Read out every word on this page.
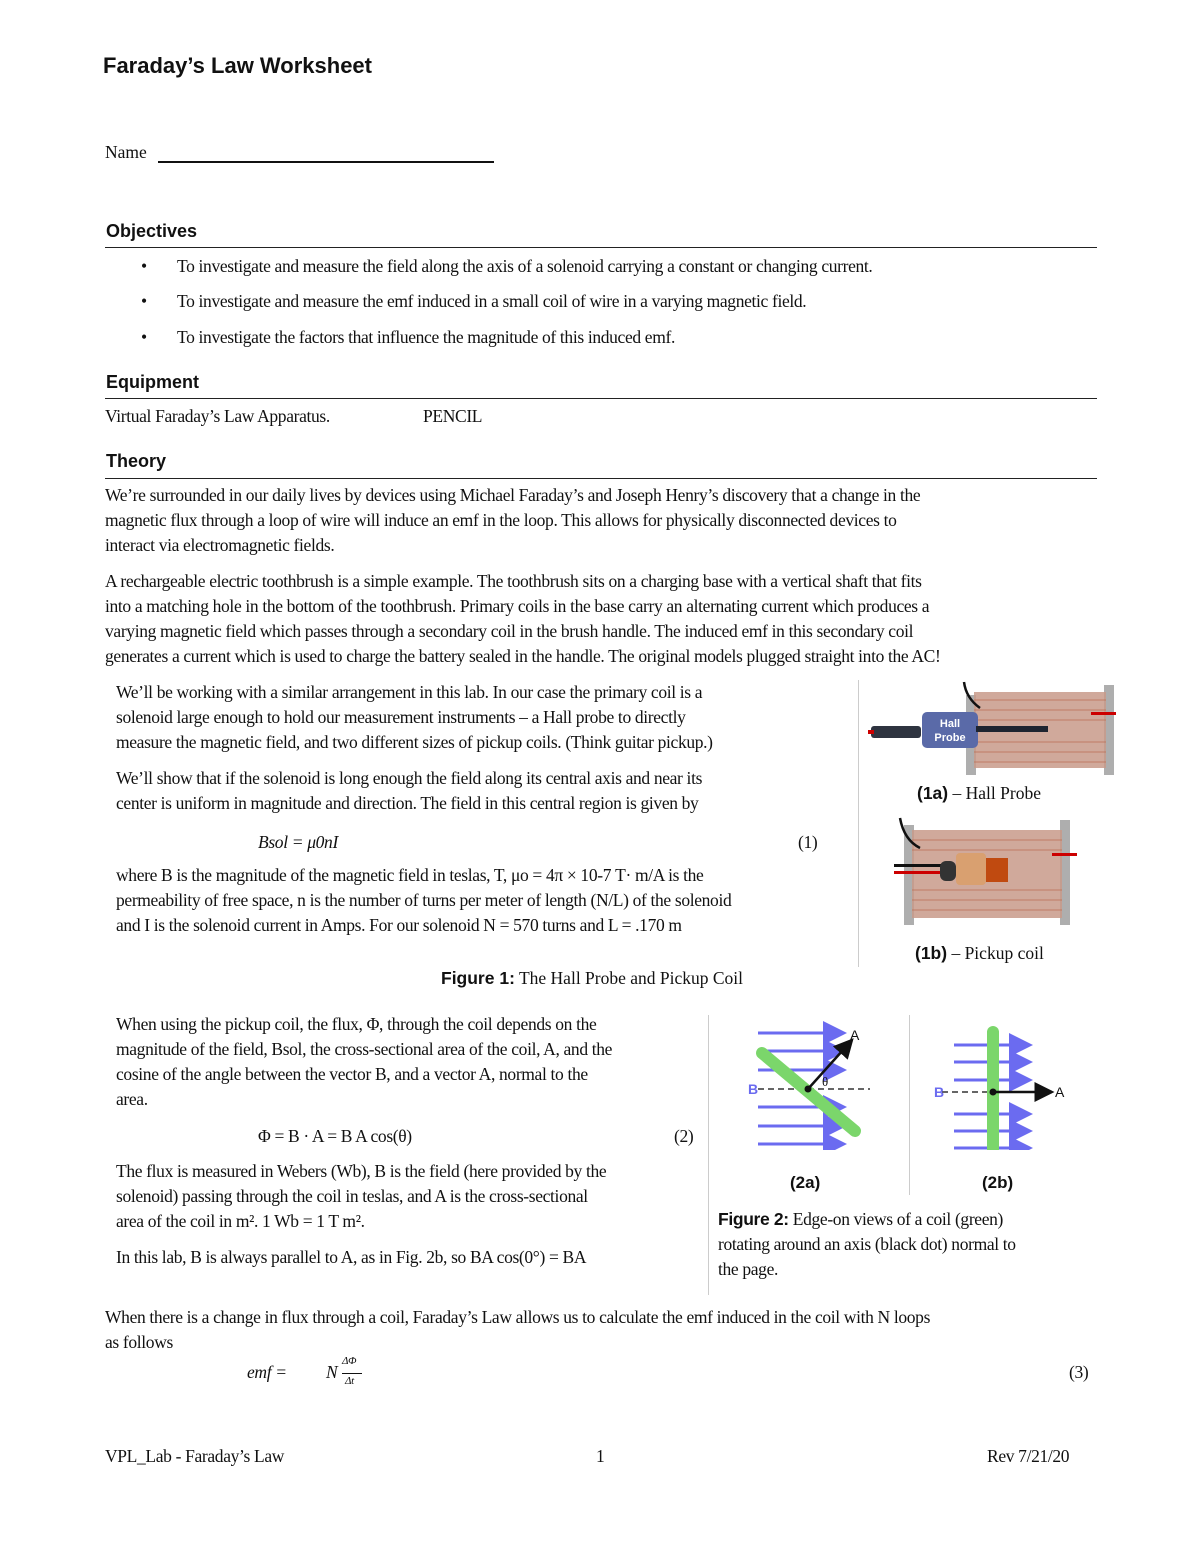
Faraday’s Law Worksheet
Name
Objectives
• To investigate and measure the field along the axis of a solenoid carrying a constant or changing current.
• To investigate and measure the emf induced in a small coil of wire in a varying magnetic field.
• To investigate the factors that influence the magnitude of this induced emf.
Equipment
Virtual Faraday’s Law Apparatus.	PENCIL
Theory
We’re surrounded in our daily lives by devices using Michael Faraday’s and Joseph Henry’s discovery that a change in the
magnetic flux through a loop of wire will induce an emf in the loop. This allows for physically disconnected devices to
interact via electromagnetic fields.
A rechargeable electric toothbrush is a simple example. The toothbrush sits on a charging base with a vertical shaft that fits
into a matching hole in the bottom of the toothbrush. Primary coils in the base carry an alternating current which produces a
varying magnetic field which passes through a secondary coil in the brush handle. The induced emf in this secondary coil
generates a current which is used to charge the battery sealed in the handle. The original models plugged straight into the AC!
We’ll be working with a similar arrangement in this lab. In our case the primary coil is a
solenoid large enough to hold our measurement instruments – a Hall probe to directly
measure the magnetic field, and two different sizes of pickup coils. (Think guitar pickup.)
We’ll show that if the solenoid is long enough the field along its central axis and near its
center is uniform in magnitude and direction. The field in this central region is given by
Bsol = μ0nI	(1)
where B is the magnitude of the magnetic field in teslas, T, μo = 4π × 10-7 T· m/A is the
permeability of free space, n is the number of turns per meter of length (N/L) of the solenoid
and I is the solenoid current in Amps. For our solenoid N = 570 turns and L = .170 m
Hall
Probe
(1a) – Hall Probe
(1b) – Pickup coil
Figure 1: The Hall Probe and Pickup Coil
When using the pickup coil, the flux, Φ, through the coil depends on the
magnitude of the field, Bsol, the cross-sectional area of the coil, A, and the
cosine of the angle between the vector B, and a vector A, normal to the
area.
Φ = B · A = B A cos(θ)	(2)
The flux is measured in Webers (Wb), B is the field (here provided by the
solenoid) passing through the coil in teslas, and A is the cross-sectional
area of the coil in m². 1 Wb = 1 T m².
In this lab, B is always parallel to A, as in Fig. 2b, so BA cos(0°) = BA
A
θ
B	A
B
(2a)	(2b)
Figure 2: Edge-on views of a coil (green)
rotating around an axis (black dot) normal to
the page.
When there is a change in flux through a coil, Faraday’s Law allows us to calculate the emf induced in the coil with N loops
as follows
emf = N
ΔΦ
Δt	(3)
VPL_Lab - Faraday’s Law	1	Rev 7/21/20
